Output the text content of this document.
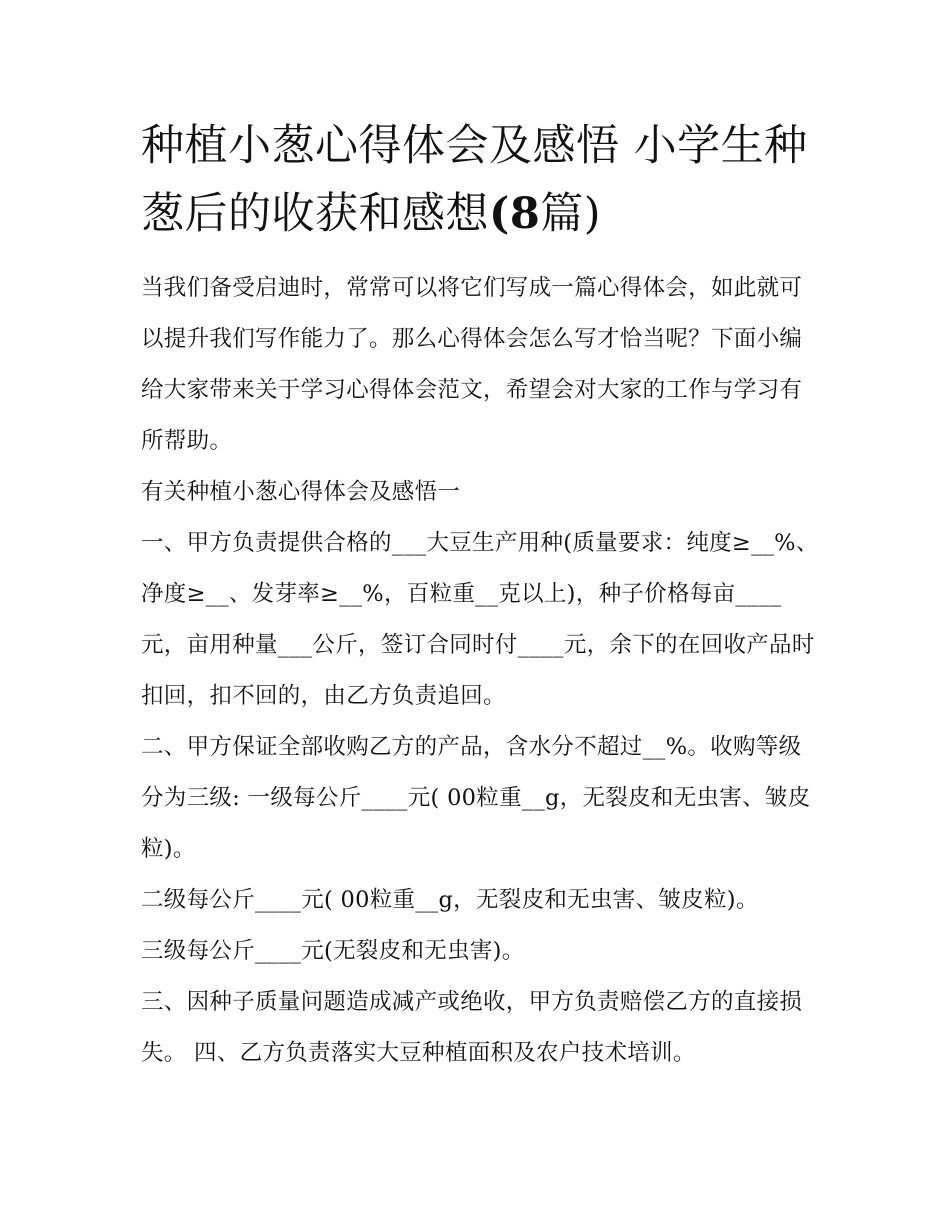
种植小葱心得体会及感悟 小学生种葱后的收获和感想(8篇)

当我们备受启迪时，常常可以将它们写成一篇心得体会，如此就可以提升我们写作能力了。那么心得体会怎么写才恰当呢？下面小编给大家带来关于学习心得体会范文，希望会对大家的工作与学习有所帮助。

有关种植小葱心得体会及感悟一

一、甲方负责提供合格的___大豆生产用种(质量要求：纯度≥__%、净度≥__、发芽率≥__%，百粒重__克以上)，种子价格每亩____元，亩用种量___公斤，签订合同时付____元，余下的在回收产品时扣回，扣不回的，由乙方负责追回。

二、甲方保证全部收购乙方的产品，含水分不超过__%。收购等级分为三级: 一级每公斤____元( 00粒重__g，无裂皮和无虫害、皱皮粒)。

二级每公斤____元( 00粒重__g，无裂皮和无虫害、皱皮粒)。

三级每公斤____元(无裂皮和无虫害)。

三、因种子质量问题造成减产或绝收，甲方负责赔偿乙方的直接损失。 四、乙方负责落实大豆种植面积及农户技术培训。
